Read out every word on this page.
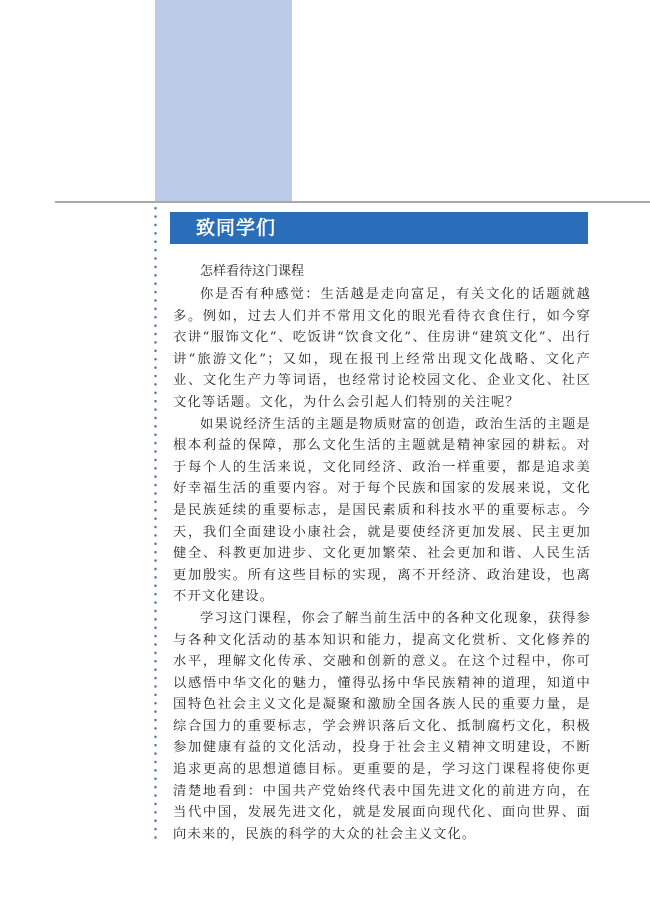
致同学们

怎样看待这门课程

你是否有种感觉：生活越是走向富足，有关文化的话题就越多。例如，过去人们并不常用文化的眼光看待衣食住行，如今穿衣讲“服饰文化”、吃饭讲“饮食文化”、住房讲“建筑文化”、出行讲“旅游文化”；又如，现在报刊上经常出现文化战略、文化产业、文化生产力等词语，也经常讨论校园文化、企业文化、社区文化等话题。文化，为什么会引起人们特别的关注呢？

如果说经济生活的主题是物质财富的创造，政治生活的主题是根本利益的保障，那么文化生活的主题就是精神家园的耕耘。对于每个人的生活来说，文化同经济、政治一样重要，都是追求美好幸福生活的重要内容。对于每个民族和国家的发展来说，文化是民族延续的重要标志，是国民素质和科技水平的重要标志。今天，我们全面建设小康社会，就是要使经济更加发展、民主更加健全、科教更加进步、文化更加繁荣、社会更加和谐、人民生活更加殷实。所有这些目标的实现，离不开经济、政治建设，也离不开文化建设。

学习这门课程，你会了解当前生活中的各种文化现象，获得参与各种文化活动的基本知识和能力，提高文化赏析、文化修养的水平，理解文化传承、交融和创新的意义。在这个过程中，你可以感悟中华文化的魅力，懂得弘扬中华民族精神的道理，知道中国特色社会主义文化是凝聚和激励全国各族人民的重要力量，是综合国力的重要标志，学会辨识落后文化、抵制腐朽文化，积极参加健康有益的文化活动，投身于社会主义精神文明建设，不断追求更高的思想道德目标。更重要的是，学习这门课程将使你更清楚地看到：中国共产党始终代表中国先进文化的前进方向，在当代中国，发展先进文化，就是发展面向现代化、面向世界、面向未来的，民族的科学的大众的社会主义文化。
